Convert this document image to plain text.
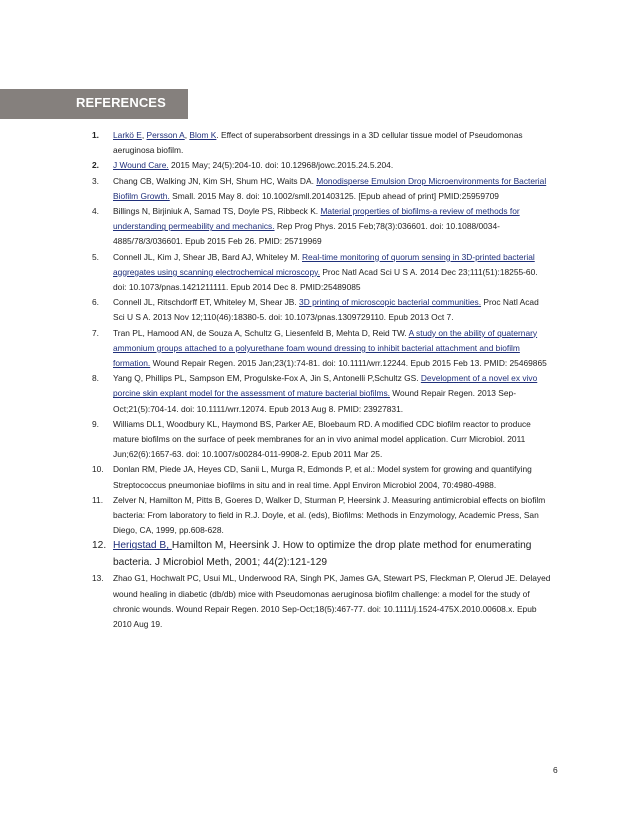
REFERENCES
1. Larkö E, Persson A, Blom K. Effect of superabsorbent dressings in a 3D cellular tissue model of Pseudomonas aeruginosa biofilm.
2. J Wound Care. 2015 May; 24(5):204-10. doi: 10.12968/jowc.2015.24.5.204.
3. Chang CB, Walking JN, Kim SH, Shum HC, Waits DA. Monodisperse Emulsion Drop Microenvironments for Bacterial Biofilm Growth. Small. 2015 May 8. doi: 10.1002/smll.201403125. [Epub ahead of print] PMID:25959709
4. Billings N, Birjiniuk A, Samad TS, Doyle PS, Ribbeck K. Material properties of biofilms-a review of methods for understanding permeability and mechanics. Rep Prog Phys. 2015 Feb;78(3):036601. doi: 10.1088/0034-4885/78/3/036601. Epub 2015 Feb 26. PMID: 25719969
5. Connell JL, Kim J, Shear JB, Bard AJ, Whiteley M. Real-time monitoring of quorum sensing in 3D-printed bacterial aggregates using scanning electrochemical microscopy. Proc Natl Acad Sci U S A. 2014 Dec 23;111(51):18255-60. doi: 10.1073/pnas.1421211111. Epub 2014 Dec 8. PMID:25489085
6. Connell JL, Ritschdorff ET, Whiteley M, Shear JB. 3D printing of microscopic bacterial communities. Proc Natl Acad Sci U S A. 2013 Nov 12;110(46):18380-5. doi: 10.1073/pnas.1309729110. Epub 2013 Oct 7.
7. Tran PL, Hamood AN, de Souza A, Schultz G, Liesenfeld B, Mehta D, Reid TW. A study on the ability of quaternary ammonium groups attached to a polyurethane foam wound dressing to inhibit bacterial attachment and biofilm formation. Wound Repair Regen. 2015 Jan;23(1):74-81. doi: 10.1111/wrr.12244. Epub 2015 Feb 13. PMID: 25469865
8. Yang Q, Phillips PL, Sampson EM, Progulske-Fox A, Jin S, Antonelli P,Schultz GS. Development of a novel ex vivo porcine skin explant model for the assessment of mature bacterial biofilms. Wound Repair Regen. 2013 Sep-Oct;21(5):704-14. doi: 10.1111/wrr.12074. Epub 2013 Aug 8. PMID: 23927831.
9. Williams DL1, Woodbury KL, Haymond BS, Parker AE, Bloebaum RD. A modified CDC biofilm reactor to produce mature biofilms on the surface of peek membranes for an in vivo animal model application. Curr Microbiol. 2011 Jun;62(6):1657-63. doi: 10.1007/s00284-011-9908-2. Epub 2011 Mar 25.
10. Donlan RM, Piede JA, Heyes CD, Sanii L, Murga R, Edmonds P, et al.: Model system for growing and quantifying Streptococcus pneumoniae biofilms in situ and in real time. Appl Environ Microbiol 2004, 70:4980-4988.
11. Zelver N, Hamilton M, Pitts B, Goeres D, Walker D, Sturman P, Heersink J. Measuring antimicrobial effects on biofilm bacteria: From laboratory to field in R.J. Doyle, et al. (eds), Biofilms: Methods in Enzymology, Academic Press, San Diego, CA, 1999, pp.608-628.
12. Herigstad B, Hamilton M, Heersink J. How to optimize the drop plate method for enumerating bacteria. J Microbiol Meth, 2001; 44(2):121-129
13. Zhao G1, Hochwalt PC, Usui ML, Underwood RA, Singh PK, James GA, Stewart PS, Fleckman P, Olerud JE. Delayed wound healing in diabetic (db/db) mice with Pseudomonas aeruginosa biofilm challenge: a model for the study of chronic wounds. Wound Repair Regen. 2010 Sep-Oct;18(5):467-77. doi: 10.1111/j.1524-475X.2010.00608.x. Epub 2010 Aug 19.
6
